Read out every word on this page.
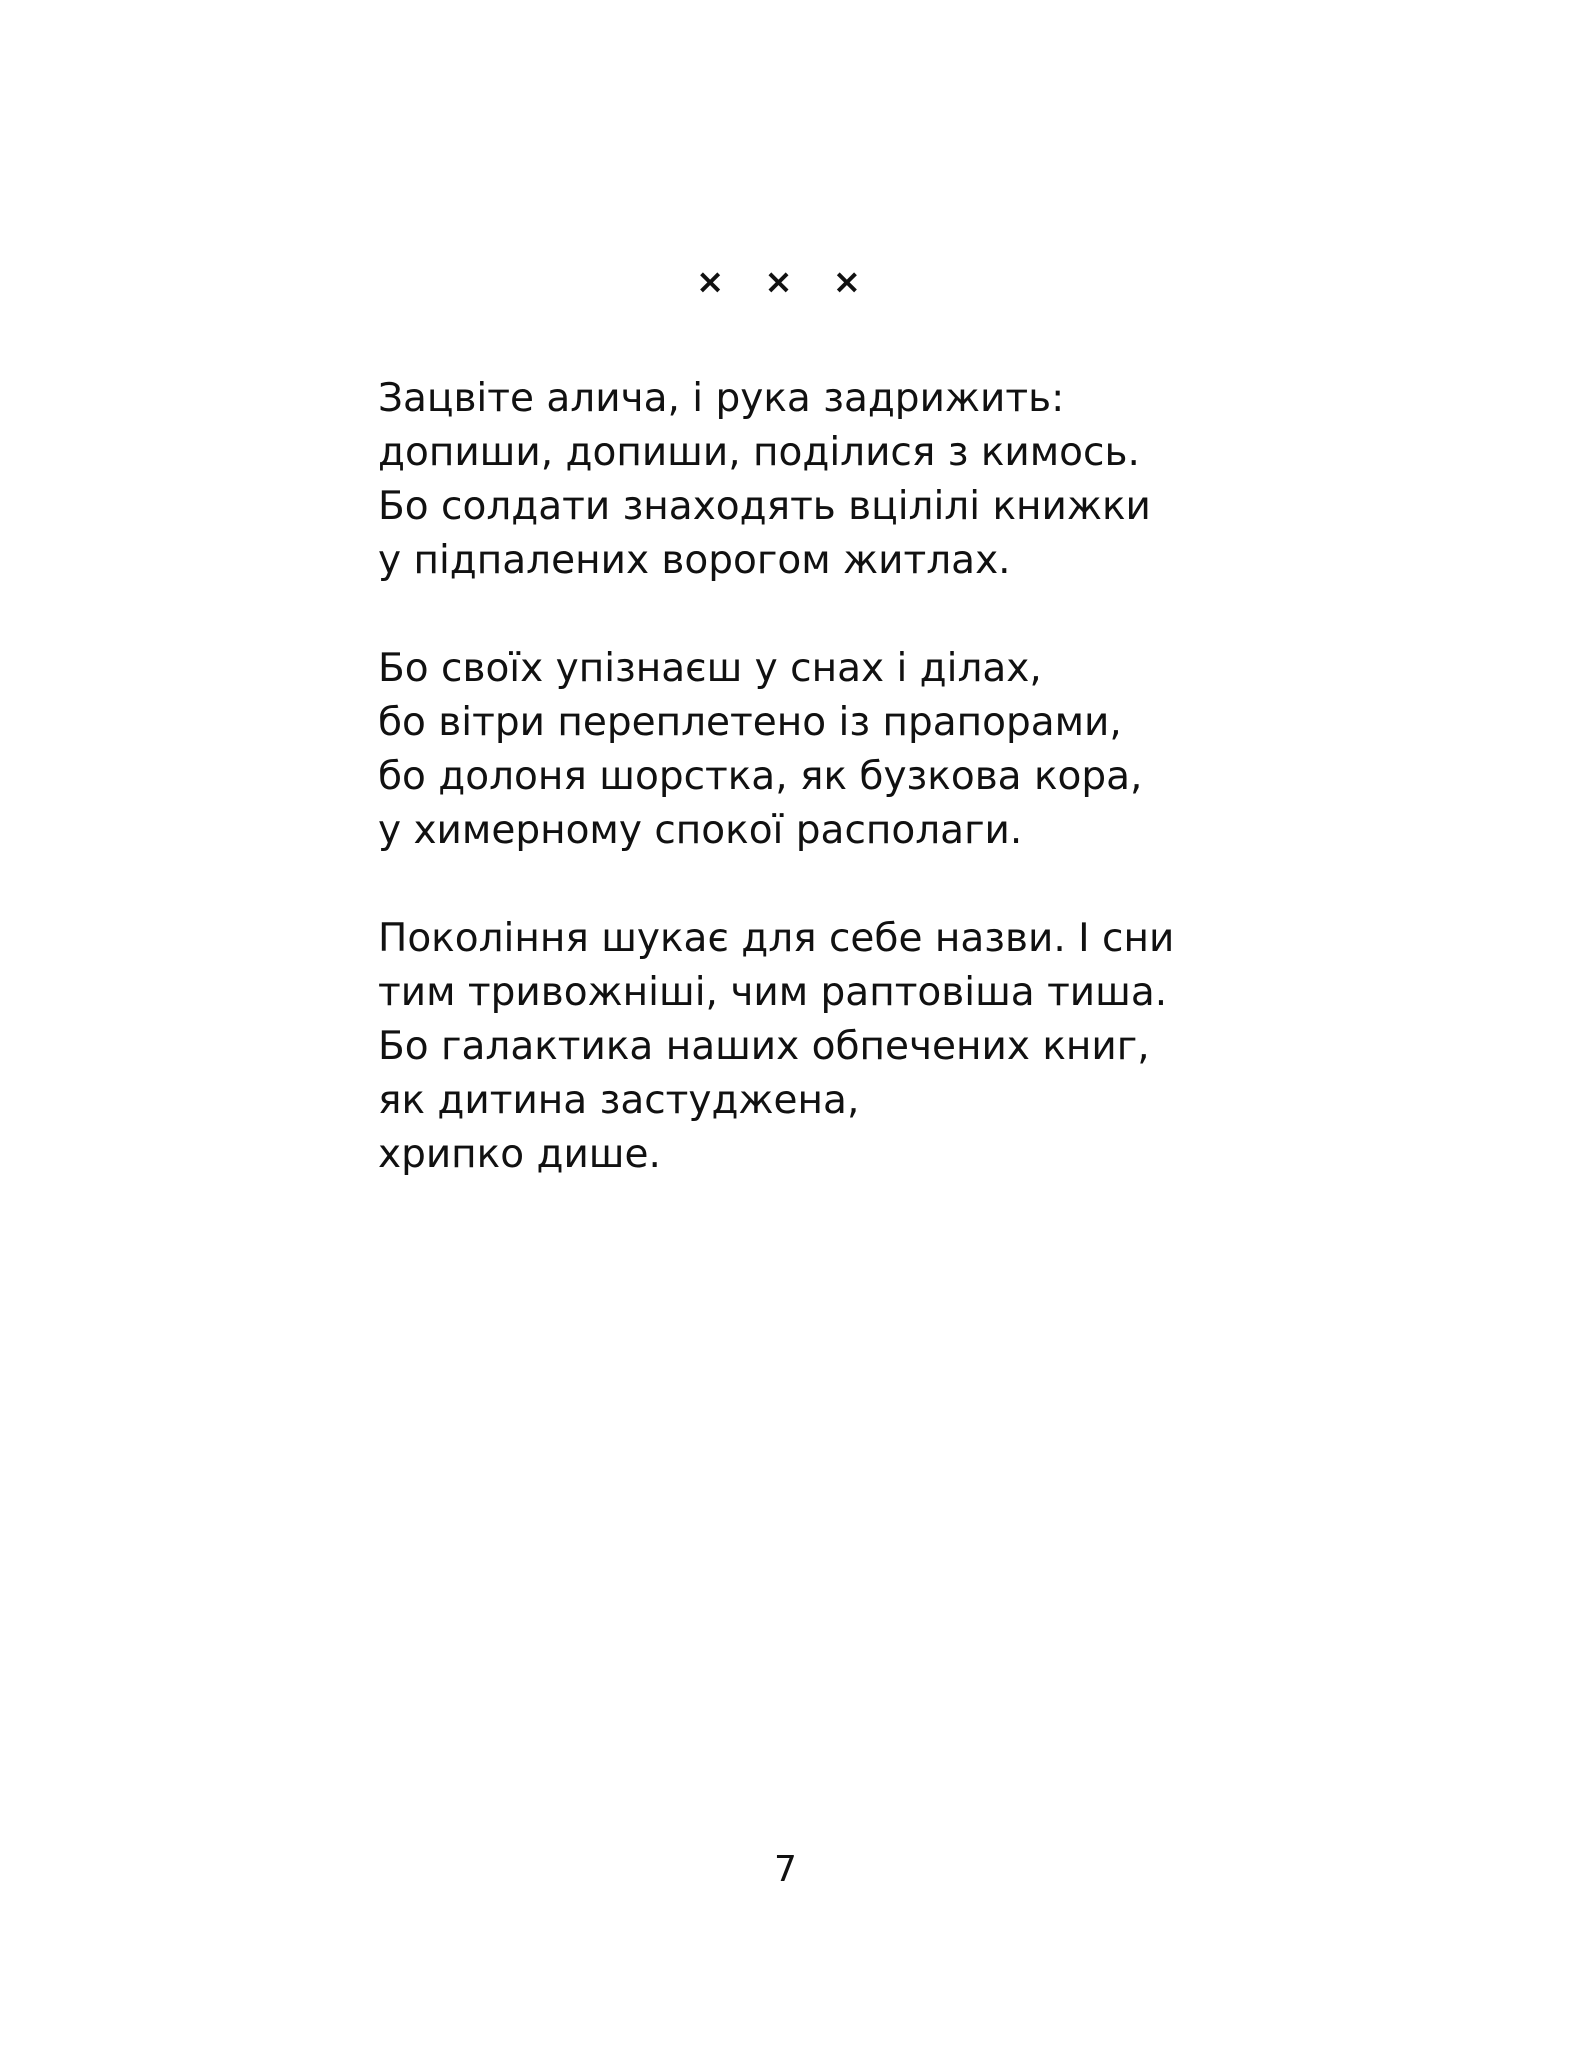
× × ×
Зацвіте алича, і рука задрижить:
допиши, допиши, поділися з кимось.
Бо солдати знаходять вцілілі книжки
у підпалених ворогом житлах.
Бо своїх упізнаєш у снах і ділах,
бо вітри переплетено із прапорами,
бо долоня шорстка, як бузкова кора,
у химерному спокої располаги.
Покоління шукає для себе назви. І сни
тим тривожніші, чим раптовіша тиша.
Бо галактика наших обпечених книг,
як дитина застуджена,
хрипко дише.
7
